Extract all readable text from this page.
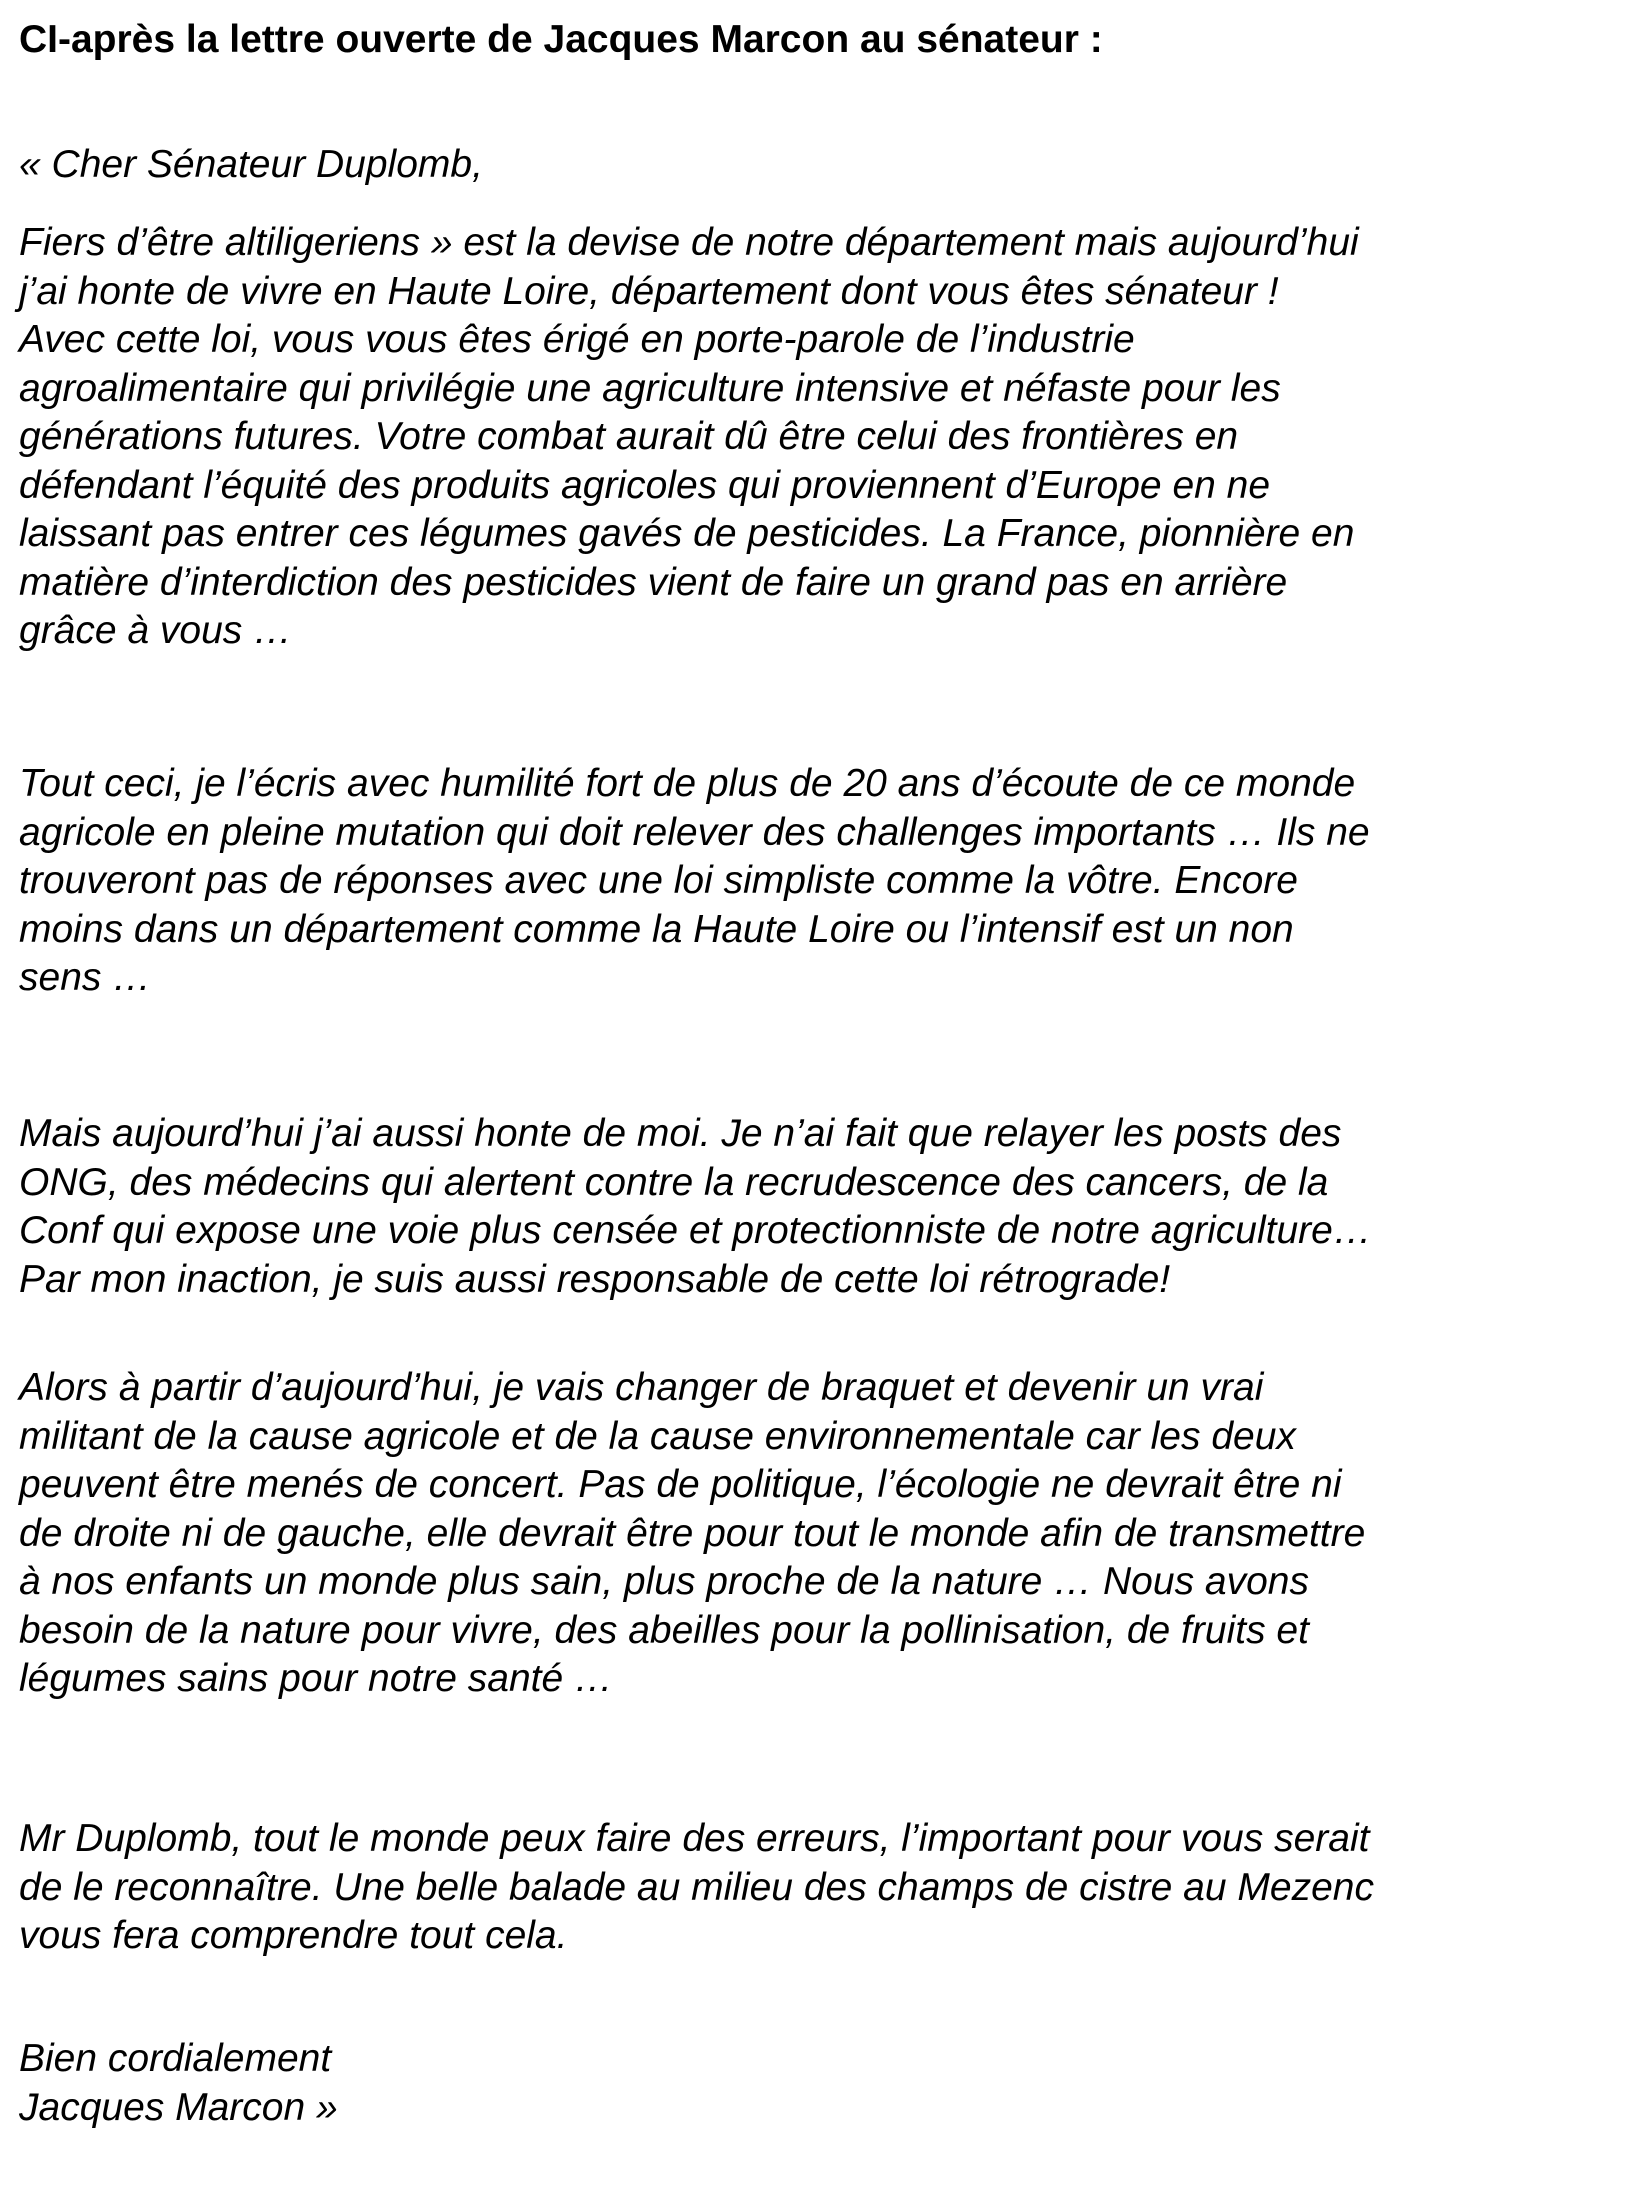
CI-après la lettre ouverte de Jacques Marcon au sénateur :

« Cher Sénateur Duplomb,

Fiers d’être altiligeriens » est la devise de notre département mais aujourd’hui
j’ai honte de vivre en Haute Loire, département dont vous êtes sénateur !
Avec cette loi, vous vous êtes érigé en porte-parole de l’industrie
agroalimentaire qui privilégie une agriculture intensive et néfaste pour les
générations futures. Votre combat aurait dû être celui des frontières en
défendant l’équité des produits agricoles qui proviennent d’Europe en ne
laissant pas entrer ces légumes gavés de pesticides. La France, pionnière en
matière d’interdiction des pesticides vient de faire un grand pas en arrière
grâce à vous …

Tout ceci, je l’écris avec humilité fort de plus de 20 ans d’écoute de ce monde
agricole en pleine mutation qui doit relever des challenges importants … Ils ne
trouveront pas de réponses avec une loi simpliste comme la vôtre. Encore
moins dans un département comme la Haute Loire ou l’intensif est un non
sens …

Mais aujourd’hui j’ai aussi honte de moi. Je n’ai fait que relayer les posts des
ONG, des médecins qui alertent contre la recrudescence des cancers, de la
Conf qui expose une voie plus censée et protectionniste de notre agriculture…
Par mon inaction, je suis aussi responsable de cette loi rétrograde!

Alors à partir d’aujourd’hui, je vais changer de braquet et devenir un vrai
militant de la cause agricole et de la cause environnementale car les deux
peuvent être menés de concert. Pas de politique, l’écologie ne devrait être ni
de droite ni de gauche, elle devrait être pour tout le monde afin de transmettre
à nos enfants un monde plus sain, plus proche de la nature … Nous avons
besoin de la nature pour vivre, des abeilles pour la pollinisation, de fruits et
légumes sains pour notre santé …

Mr Duplomb, tout le monde peux faire des erreurs, l’important pour vous serait
de le reconnaître. Une belle balade au milieu des champs de cistre au Mezenc
vous fera comprendre tout cela.

Bien cordialement
Jacques Marcon »
